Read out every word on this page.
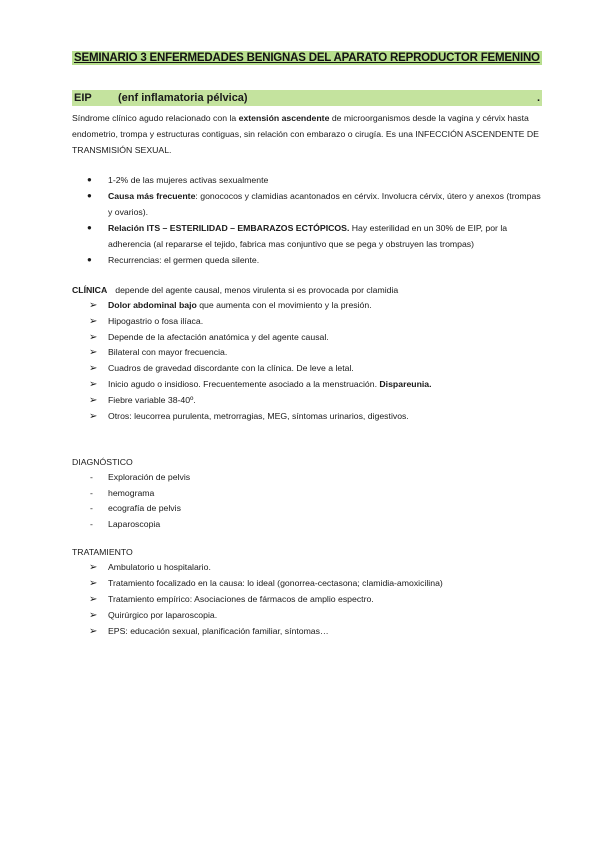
SEMINARIO 3 ENFERMEDADES BENIGNAS DEL APARATO REPRODUCTOR FEMENINO
EIP (enf inflamatoria pélvica)	.

Síndrome clínico agudo relacionado con la extensión ascendente de microorganismos desde la vagina y cérvix hasta endometrio, trompa y estructuras contiguas, sin relación con embarazo o cirugía. Es una INFECCIÓN ASCENDENTE DE TRANSMISIÓN SEXUAL.

● 1-2% de las mujeres activas sexualmente
● Causa más frecuente: gonococos y clamidias acantonados en cérvix. Involucra cérvix, útero y anexos (trompas y ovarios).
● Relación ITS – ESTERILIDAD – EMBARAZOS ECTÓPICOS. Hay esterilidad en un 30% de EIP, por la adherencia (al repararse el tejido, fabrica mas conjuntivo que se pega y obstruyen las trompas)
● Recurrencias: el germen queda silente.
CLÍNICA depende del agente causal, menos virulenta si es provocada por clamidia
➢ Dolor abdominal bajo que aumenta con el movimiento y la presión.
➢ Hipogastrio o fosa ilíaca.
➢ Depende de la afectación anatómica y del agente causal.
➢ Bilateral con mayor frecuencia.
➢ Cuadros de gravedad discordante con la clínica. De leve a letal.
➢ Inicio agudo o insidioso. Frecuentemente asociado a la menstruación. Dispareunia.
➢ Fiebre variable 38-40º.
➢ Otros: leucorrea purulenta, metrorragias, MEG, síntomas urinarios, digestivos.
DIAGNÓSTICO
- Exploración de pelvis
- hemograma
- ecografía de pelvis
- Laparoscopia
TRATAMIENTO
➢ Ambulatorio u hospitalario.
➢ Tratamiento focalizado en la causa: lo ideal (gonorrea-cectasona; clamidia-amoxicilina)
➢ Tratamiento empírico: Asociaciones de fármacos de amplio espectro.
➢ Quirúrgico por laparoscopia.
➢ EPS: educación sexual, planificación familiar, síntomas…
